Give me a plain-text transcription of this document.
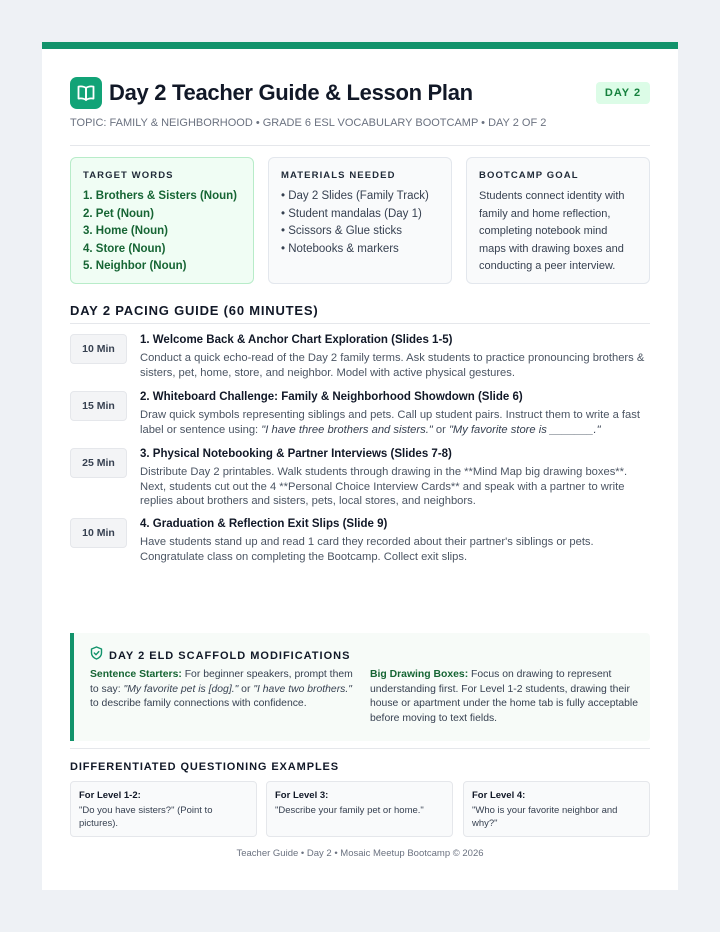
Day 2 Teacher Guide & Lesson Plan	DAY 2
TOPIC: FAMILY & NEIGHBORHOOD • GRADE 6 ESL VOCABULARY BOOTCAMP • DAY 2 OF 2
TARGET WORDS
1. Brothers & Sisters (Noun)
2. Pet (Noun)
3. Home (Noun)
4. Store (Noun)
5. Neighbor (Noun)
MATERIALS NEEDED
• Day 2 Slides (Family Track)
• Student mandalas (Day 1)
• Scissors & Glue sticks
• Notebooks & markers
BOOTCAMP GOAL
Students connect identity with family and home reflection, completing notebook mind maps with drawing boxes and conducting a peer interview.
DAY 2 PACING GUIDE (60 MINUTES)
10 Min
1. Welcome Back & Anchor Chart Exploration (Slides 1-5)
Conduct a quick echo-read of the Day 2 family terms. Ask students to practice pronouncing brothers & sisters, pet, home, store, and neighbor. Model with active physical gestures.
15 Min
2. Whiteboard Challenge: Family & Neighborhood Showdown (Slide 6)
Draw quick symbols representing siblings and pets. Call up student pairs. Instruct them to write a fast label or sentence using: "I have three brothers and sisters." or "My favorite store is _______."
25 Min
3. Physical Notebooking & Partner Interviews (Slides 7-8)
Distribute Day 2 printables. Walk students through drawing in the **Mind Map big drawing boxes**. Next, students cut out the 4 **Personal Choice Interview Cards** and speak with a partner to write replies about brothers and sisters, pets, local stores, and neighbors.
10 Min
4. Graduation & Reflection Exit Slips (Slide 9)
Have students stand up and read 1 card they recorded about their partner's siblings or pets. Congratulate class on completing the Bootcamp. Collect exit slips.
DAY 2 ELD SCAFFOLD MODIFICATIONS
Sentence Starters: For beginner speakers, prompt them to say: "My favorite pet is [dog]." or "I have two brothers." to describe family connections with confidence.
Big Drawing Boxes: Focus on drawing to represent understanding first. For Level 1-2 students, drawing their house or apartment under the home tab is fully acceptable before moving to text fields.
DIFFERENTIATED QUESTIONING EXAMPLES
For Level 1-2:
"Do you have sisters?" (Point to pictures).
For Level 3:
"Describe your family pet or home."
For Level 4:
"Who is your favorite neighbor and why?"
Teacher Guide • Day 2 • Mosaic Meetup Bootcamp © 2026
